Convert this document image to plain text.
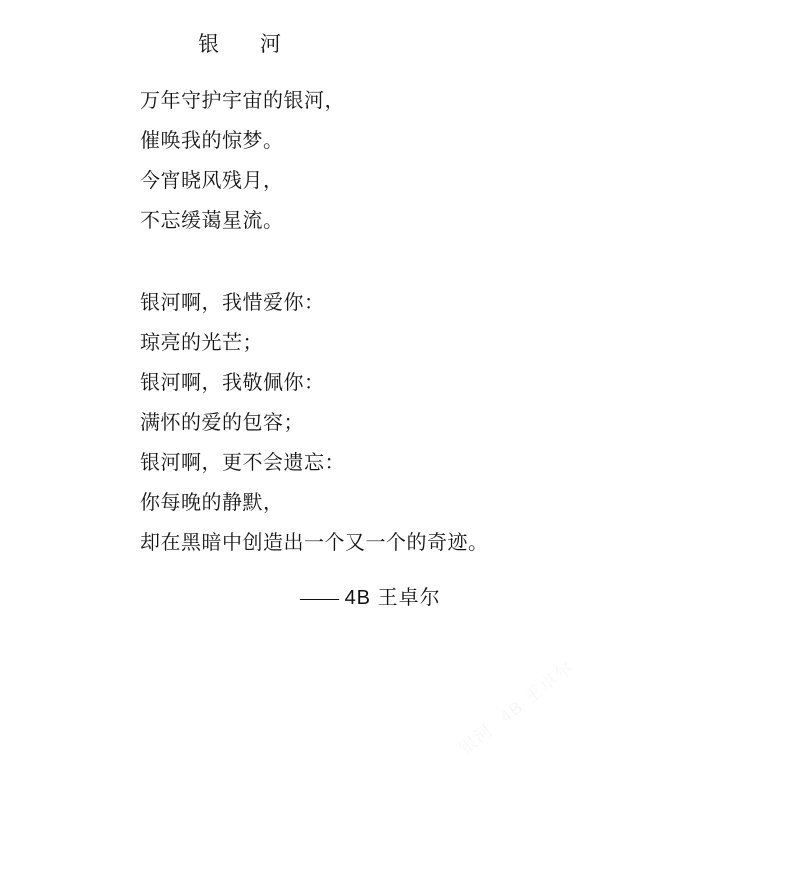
银　河
万年守护宇宙的银河，
催唤我的惊梦。
今宵晓风残月，
不忘缓蔼星流。
银河啊，我惜爱你：
琼亮的光芒；
银河啊，我敬佩你：
满怀的爱的包容；
银河啊，更不会遗忘：
你每晚的静默，
却在黑暗中创造出一个又一个的奇迹。
—— 4B 王卓尔
